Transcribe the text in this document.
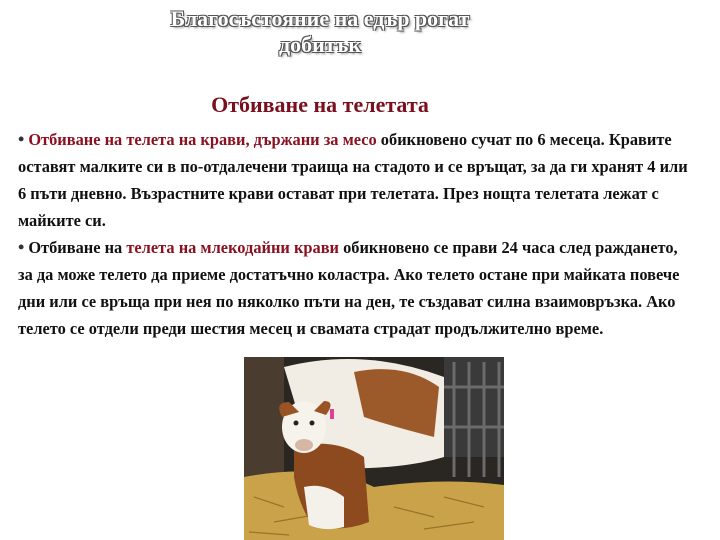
Благосъстояние на едър рогат
добитък
Отбиване на телетата

• Отбиване на телета на крави, държани за месо обикновено сучат по 6 месеца. Кравите оставят малките си в по-отдалечени траища на стадото и се връщат, за да ги хранят 4 или 6 пъти дневно. Възрастните крави остават при телетата. През нощта телетата лежат с майките си.

• Отбиване на телета на млекодайни крави обикновено се прави 24 часа след раждането, за да може телето да приеме достатъчно коластра. Ако телето остане при майката повече дни или се връща при нея по няколко пъти на ден, те създават силна взаимовръзка. Ако телето се отдели преди шестия месец и свамата страдат продължително време.
